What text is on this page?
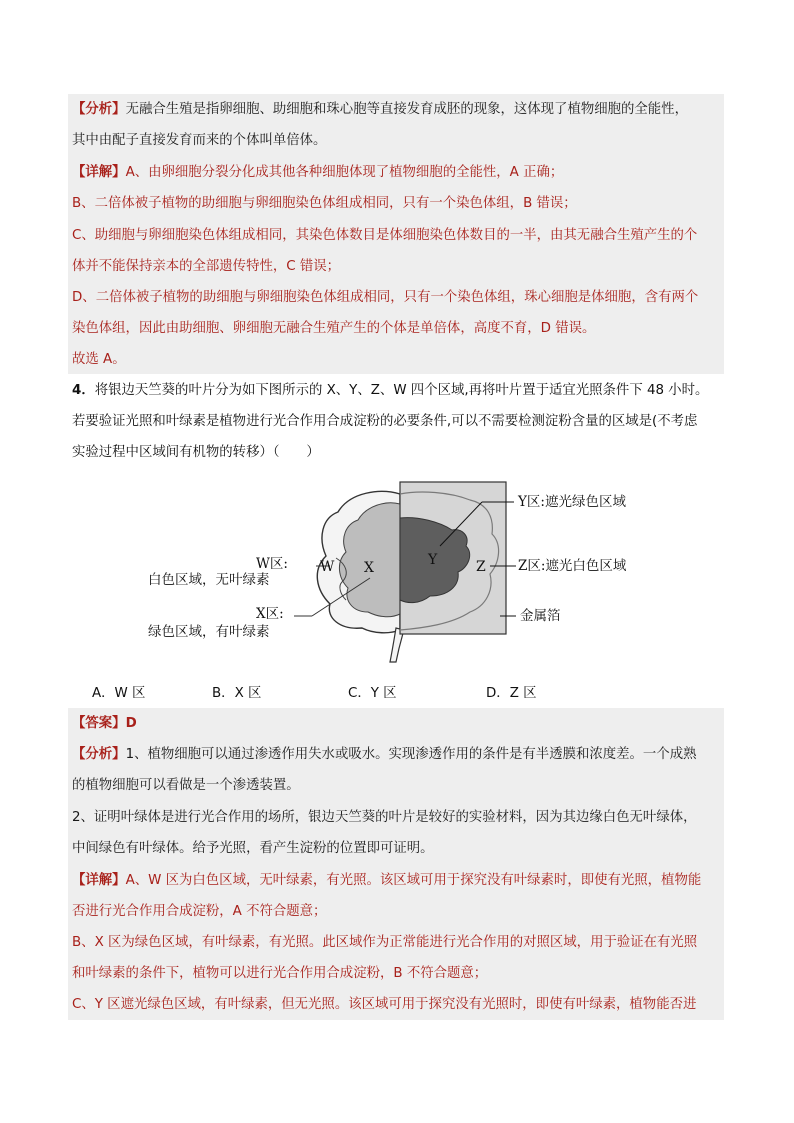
【分析】无融合生殖是指卵细胞、助细胞和珠心胞等直接发育成胚的现象，这体现了植物细胞的全能性，
其中由配子直接发育而来的个体叫单倍体。
【详解】A、由卵细胞分裂分化成其他各种细胞体现了植物细胞的全能性，A 正确；
B、二倍体被子植物的助细胞与卵细胞染色体组成相同，只有一个染色体组，B 错误；
C、助细胞与卵细胞染色体组成相同，其染色体数目是体细胞染色体数目的一半，由其无融合生殖产生的个
体并不能保持亲本的全部遗传特性，C 错误；
D、二倍体被子植物的助细胞与卵细胞染色体组成相同，只有一个染色体组，珠心细胞是体细胞，含有两个
染色体组，因此由助细胞、卵细胞无融合生殖产生的个体是单倍体，高度不育，D 错误。
故选 A。
4．将银边天竺葵的叶片分为如下图所示的 X、Y、Z、W 四个区域,再将叶片置于适宜光照条件下 48 小时。
若要验证光照和叶绿素是植物进行光合作用合成淀粉的必要条件,可以不需要检测淀粉含量的区域是(不考虑
实验过程中区域间有机物的转移）（　　）
W X	Y	Z
W区:
白色区域，无叶绿素
X区:
绿色区域，有叶绿素
Y区:遮光绿色区域
Z区:遮光白色区域
金属箔
A．W 区	B．X 区	C．Y 区	D．Z 区
【答案】D
【分析】1、植物细胞可以通过渗透作用失水或吸水。实现渗透作用的条件是有半透膜和浓度差。一个成熟
的植物细胞可以看做是一个渗透装置。
2、证明叶绿体是进行光合作用的场所，银边天竺葵的叶片是较好的实验材料，因为其边缘白色无叶绿体，
中间绿色有叶绿体。给予光照，看产生淀粉的位置即可证明。
【详解】A、W 区为白色区域，无叶绿素，有光照。该区域可用于探究没有叶绿素时，即使有光照，植物能
否进行光合作用合成淀粉，A 不符合题意；
B、X 区为绿色区域，有叶绿素，有光照。此区域作为正常能进行光合作用的对照区域，用于验证在有光照
和叶绿素的条件下，植物可以进行光合作用合成淀粉，B 不符合题意；
C、Y 区遮光绿色区域，有叶绿素，但无光照。该区域可用于探究没有光照时，即使有叶绿素，植物能否进
